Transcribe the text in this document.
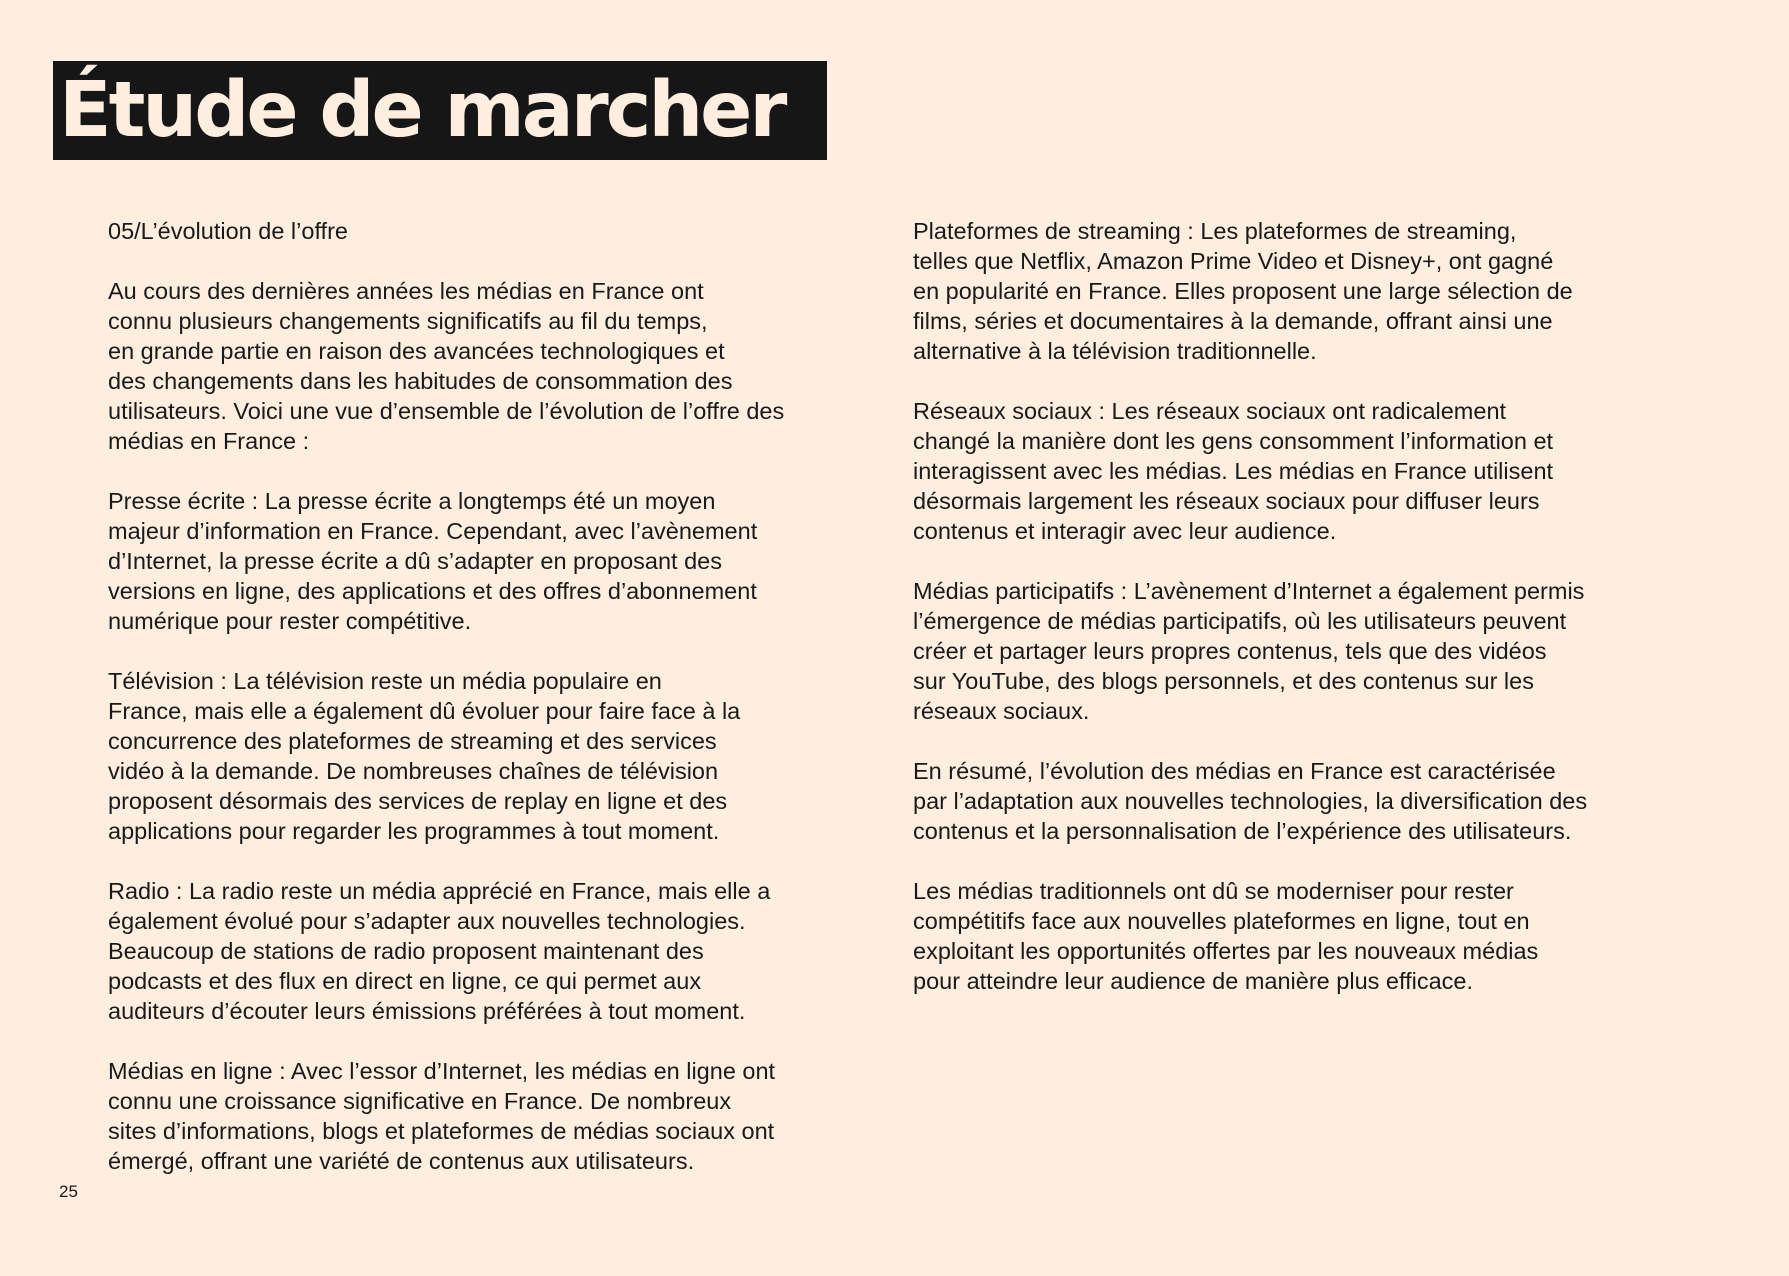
Étude de marcher

05/L’évolution de l’offre

Au cours des dernières années les médias en France ont
connu plusieurs changements significatifs au fil du temps,
en grande partie en raison des avancées technologiques et
des changements dans les habitudes de consommation des
utilisateurs. Voici une vue d’ensemble de l’évolution de l’offre des
médias en France :

Presse écrite : La presse écrite a longtemps été un moyen
majeur d’information en France. Cependant, avec l’avènement
d’Internet, la presse écrite a dû s’adapter en proposant des
versions en ligne, des applications et des offres d’abonnement
numérique pour rester compétitive.

Télévision : La télévision reste un média populaire en
France, mais elle a également dû évoluer pour faire face à la
concurrence des plateformes de streaming et des services
vidéo à la demande. De nombreuses chaînes de télévision
proposent désormais des services de replay en ligne et des
applications pour regarder les programmes à tout moment.

Radio : La radio reste un média apprécié en France, mais elle a
également évolué pour s’adapter aux nouvelles technologies.
Beaucoup de stations de radio proposent maintenant des
podcasts et des flux en direct en ligne, ce qui permet aux
auditeurs d’écouter leurs émissions préférées à tout moment.

Médias en ligne : Avec l’essor d’Internet, les médias en ligne ont
connu une croissance significative en France. De nombreux
sites d’informations, blogs et plateformes de médias sociaux ont
émergé, offrant une variété de contenus aux utilisateurs.

Plateformes de streaming : Les plateformes de streaming,
telles que Netflix, Amazon Prime Video et Disney+, ont gagné
en popularité en France. Elles proposent une large sélection de
films, séries et documentaires à la demande, offrant ainsi une
alternative à la télévision traditionnelle.

Réseaux sociaux : Les réseaux sociaux ont radicalement
changé la manière dont les gens consomment l’information et
interagissent avec les médias. Les médias en France utilisent
désormais largement les réseaux sociaux pour diffuser leurs
contenus et interagir avec leur audience.

Médias participatifs : L’avènement d’Internet a également permis
l’émergence de médias participatifs, où les utilisateurs peuvent
créer et partager leurs propres contenus, tels que des vidéos
sur YouTube, des blogs personnels, et des contenus sur les
réseaux sociaux.

En résumé, l’évolution des médias en France est caractérisée
par l’adaptation aux nouvelles technologies, la diversification des
contenus et la personnalisation de l’expérience des utilisateurs.

Les médias traditionnels ont dû se moderniser pour rester
compétitifs face aux nouvelles plateformes en ligne, tout en
exploitant les opportunités offertes par les nouveaux médias
pour atteindre leur audience de manière plus efficace.

25
